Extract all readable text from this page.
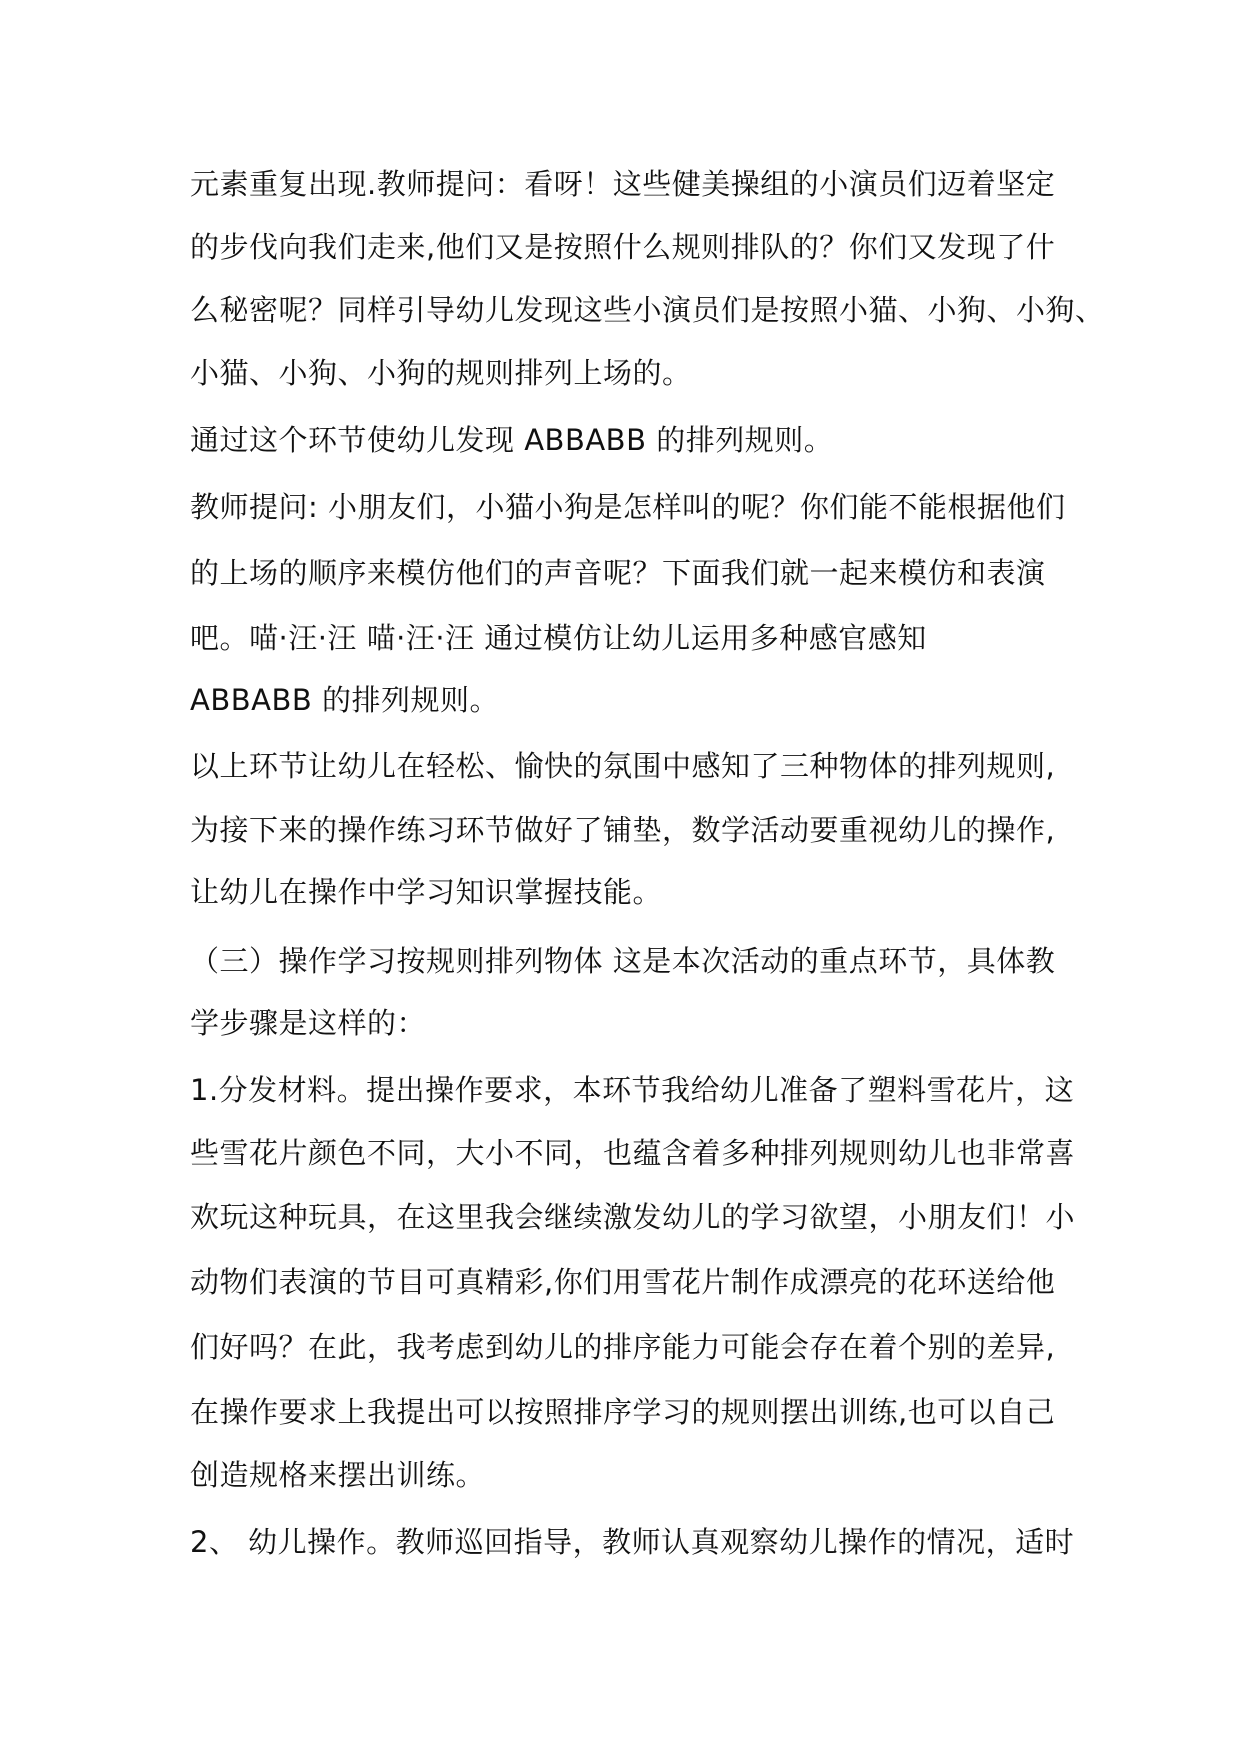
元素重复出现.教师提问：看呀！这些健美操组的小演员们迈着坚定
的步伐向我们走来,他们又是按照什么规则排队的？你们又发现了什
么秘密呢？同样引导幼儿发现这些小演员们是按照小猫、小狗、小狗、
小猫、小狗、小狗的规则排列上场的。
通过这个环节使幼儿发现 ABBABB 的排列规则。
教师提问: 小朋友们，小猫小狗是怎样叫的呢？你们能不能根据他们
的上场的顺序来模仿他们的声音呢？下面我们就一起来模仿和表演
吧。喵·汪·汪 喵·汪·汪 通过模仿让幼儿运用多种感官感知
ABBABB 的排列规则。
以上环节让幼儿在轻松、愉快的氛围中感知了三种物体的排列规则,
为接下来的操作练习环节做好了铺垫，数学活动要重视幼儿的操作,
让幼儿在操作中学习知识掌握技能。
（三）操作学习按规则排列物体 这是本次活动的重点环节，具体教
学步骤是这样的：
1.分发材料。提出操作要求，本环节我给幼儿准备了塑料雪花片，这
些雪花片颜色不同，大小不同，也蕴含着多种排列规则幼儿也非常喜
欢玩这种玩具，在这里我会继续激发幼儿的学习欲望，小朋友们！小
动物们表演的节目可真精彩,你们用雪花片制作成漂亮的花环送给他
们好吗？在此，我考虑到幼儿的排序能力可能会存在着个别的差异,
在操作要求上我提出可以按照排序学习的规则摆出训练,也可以自己
创造规格来摆出训练。
2、 幼儿操作。教师巡回指导，教师认真观察幼儿操作的情况，适时
